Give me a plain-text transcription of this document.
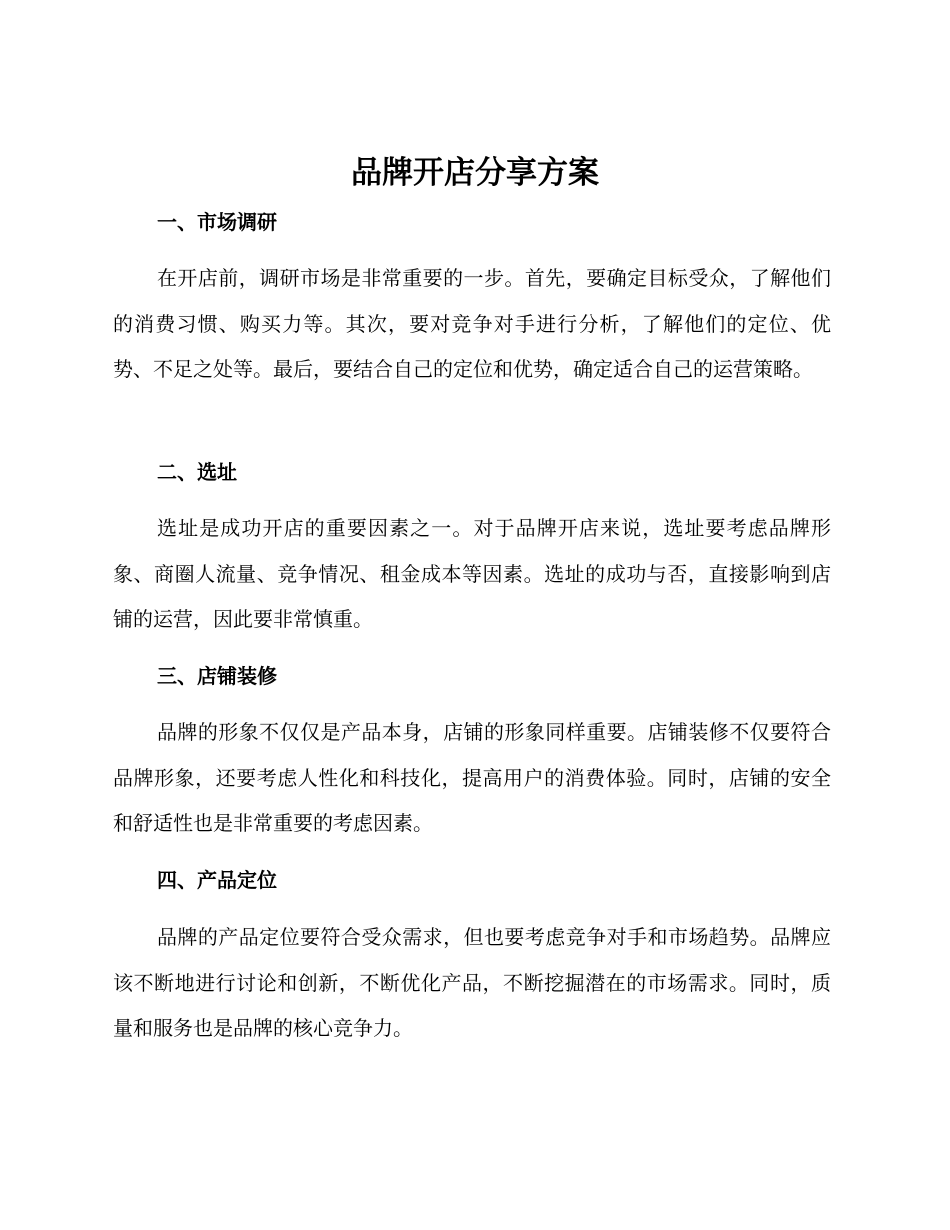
品牌开店分享方案
一、市场调研

在开店前，调研市场是非常重要的一步。首先，要确定目标受众，了解他们的消费习惯、购买力等。其次，要对竞争对手进行分析，了解他们的定位、优势、不足之处等。最后，要结合自己的定位和优势，确定适合自己的运营策略。

二、选址

选址是成功开店的重要因素之一。对于品牌开店来说，选址要考虑品牌形象、商圈人流量、竞争情况、租金成本等因素。选址的成功与否，直接影响到店铺的运营，因此要非常慎重。

三、店铺装修

品牌的形象不仅仅是产品本身，店铺的形象同样重要。店铺装修不仅要符合品牌形象，还要考虑人性化和科技化，提高用户的消费体验。同时，店铺的安全和舒适性也是非常重要的考虑因素。

四、产品定位

品牌的产品定位要符合受众需求，但也要考虑竞争对手和市场趋势。品牌应该不断地进行讨论和创新，不断优化产品，不断挖掘潜在的市场需求。同时，质量和服务也是品牌的核心竞争力。
